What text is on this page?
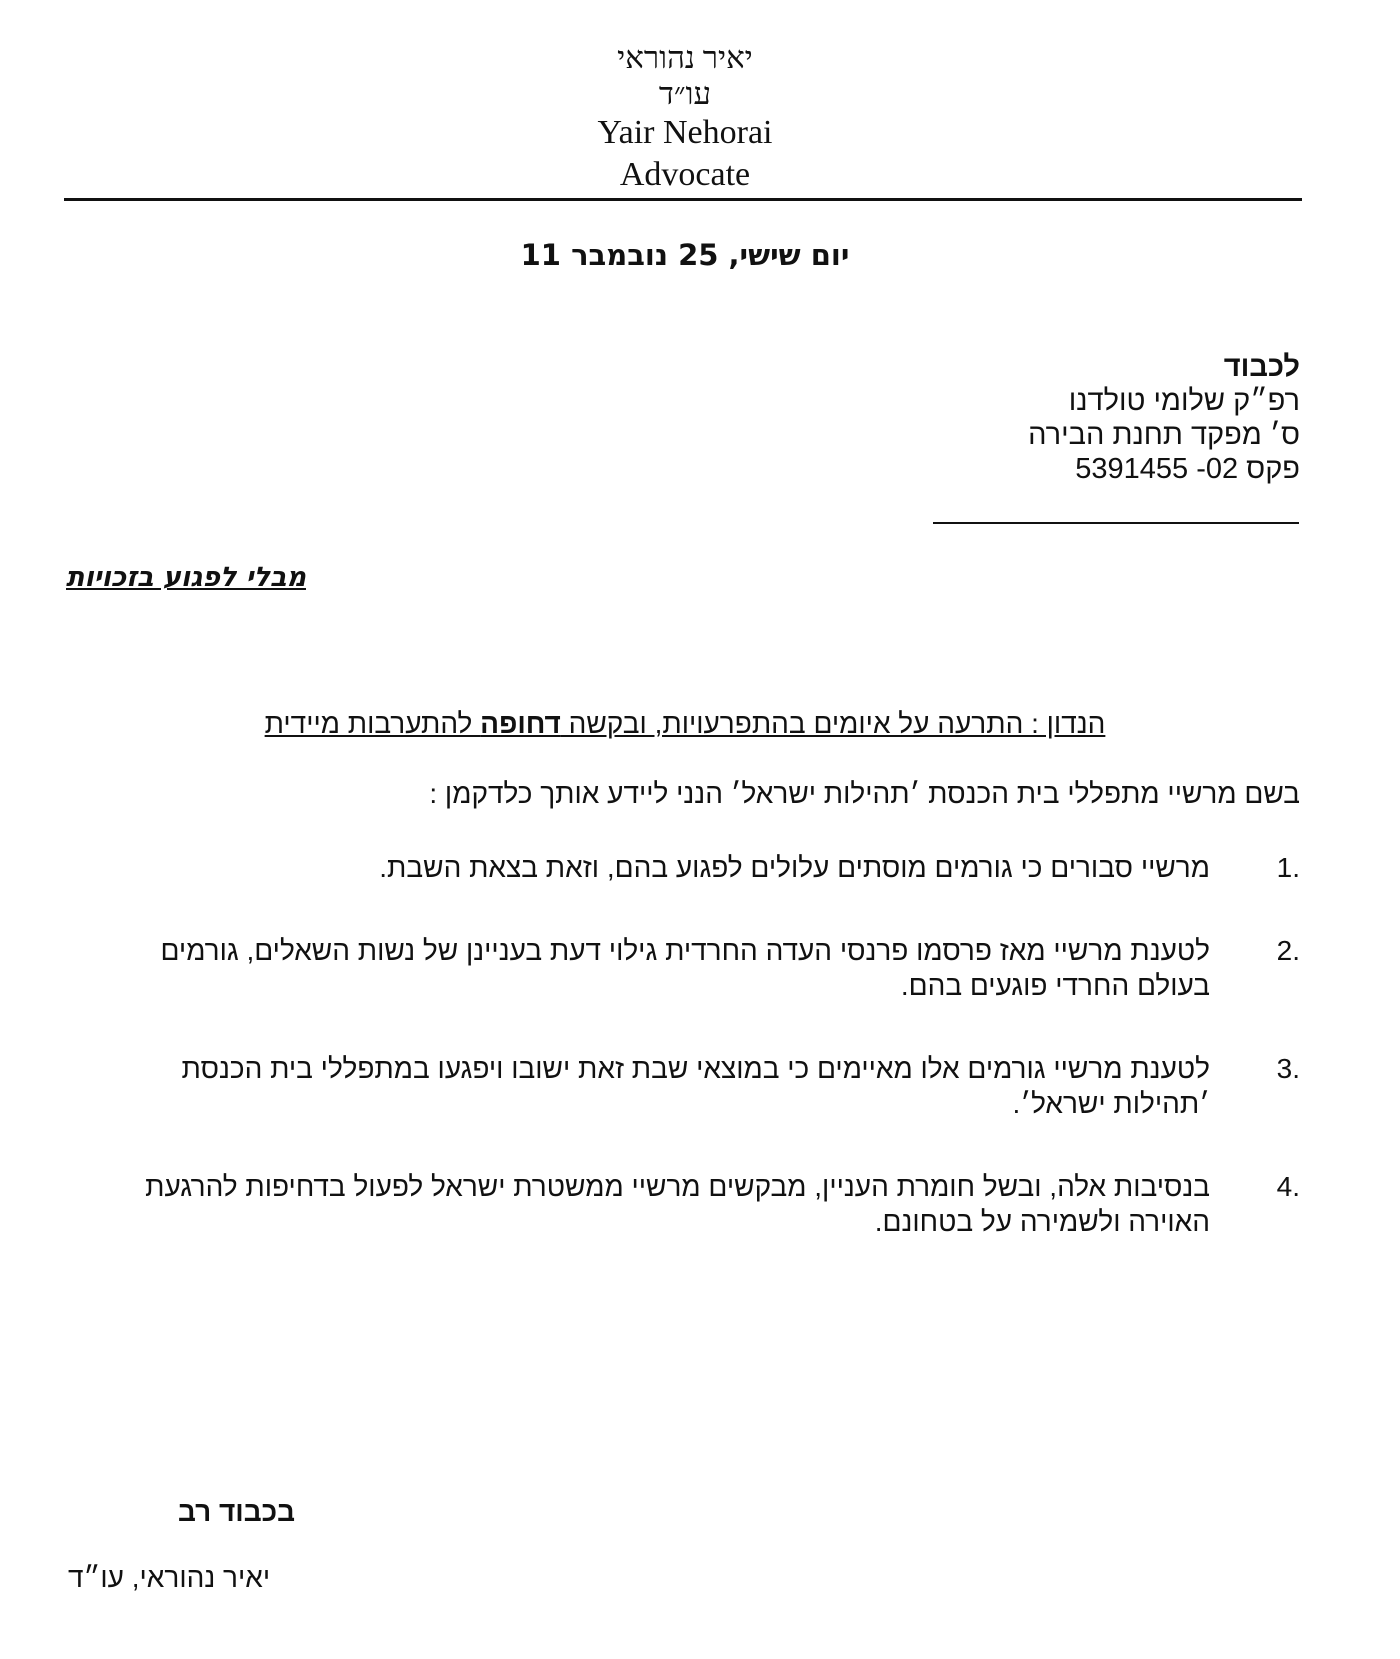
יאיר נהוראי
עו״ד
Yair Nehorai
Advocate
יום שישי, 25 נובמבר 11
לכבוד
רפ״ק שלומי טולדנו
ס׳ מפקד תחנת הבירה
פקס 02- 5391455
מבלי לפגוע בזכויות
הנדון : התרעה על איומים בהתפרעויות, ובקשה דחופה להתערבות מיידית
בשם מרשיי מתפללי בית הכנסת ׳תהילות ישראל׳ הנני ליידע אותך כלדקמן :
1.
מרשיי סבורים כי גורמים מוסתים עלולים לפגוע בהם, וזאת בצאת השבת.
2.
לטענת מרשיי מאז פרסמו פרנסי העדה החרדית גילוי דעת בעניינן של נשות השאלים, גורמים בעולם החרדי פוגעים בהם.
3.
לטענת מרשיי גורמים אלו מאיימים כי במוצאי שבת זאת ישובו ויפגעו במתפללי בית הכנסת ׳תהילות ישראל׳.
4.
בנסיבות אלה, ובשל חומרת העניין, מבקשים מרשיי ממשטרת ישראל לפעול בדחיפות להרגעת האוירה ולשמירה על בטחונם.
בכבוד רב
יאיר נהוראי, עו״ד
